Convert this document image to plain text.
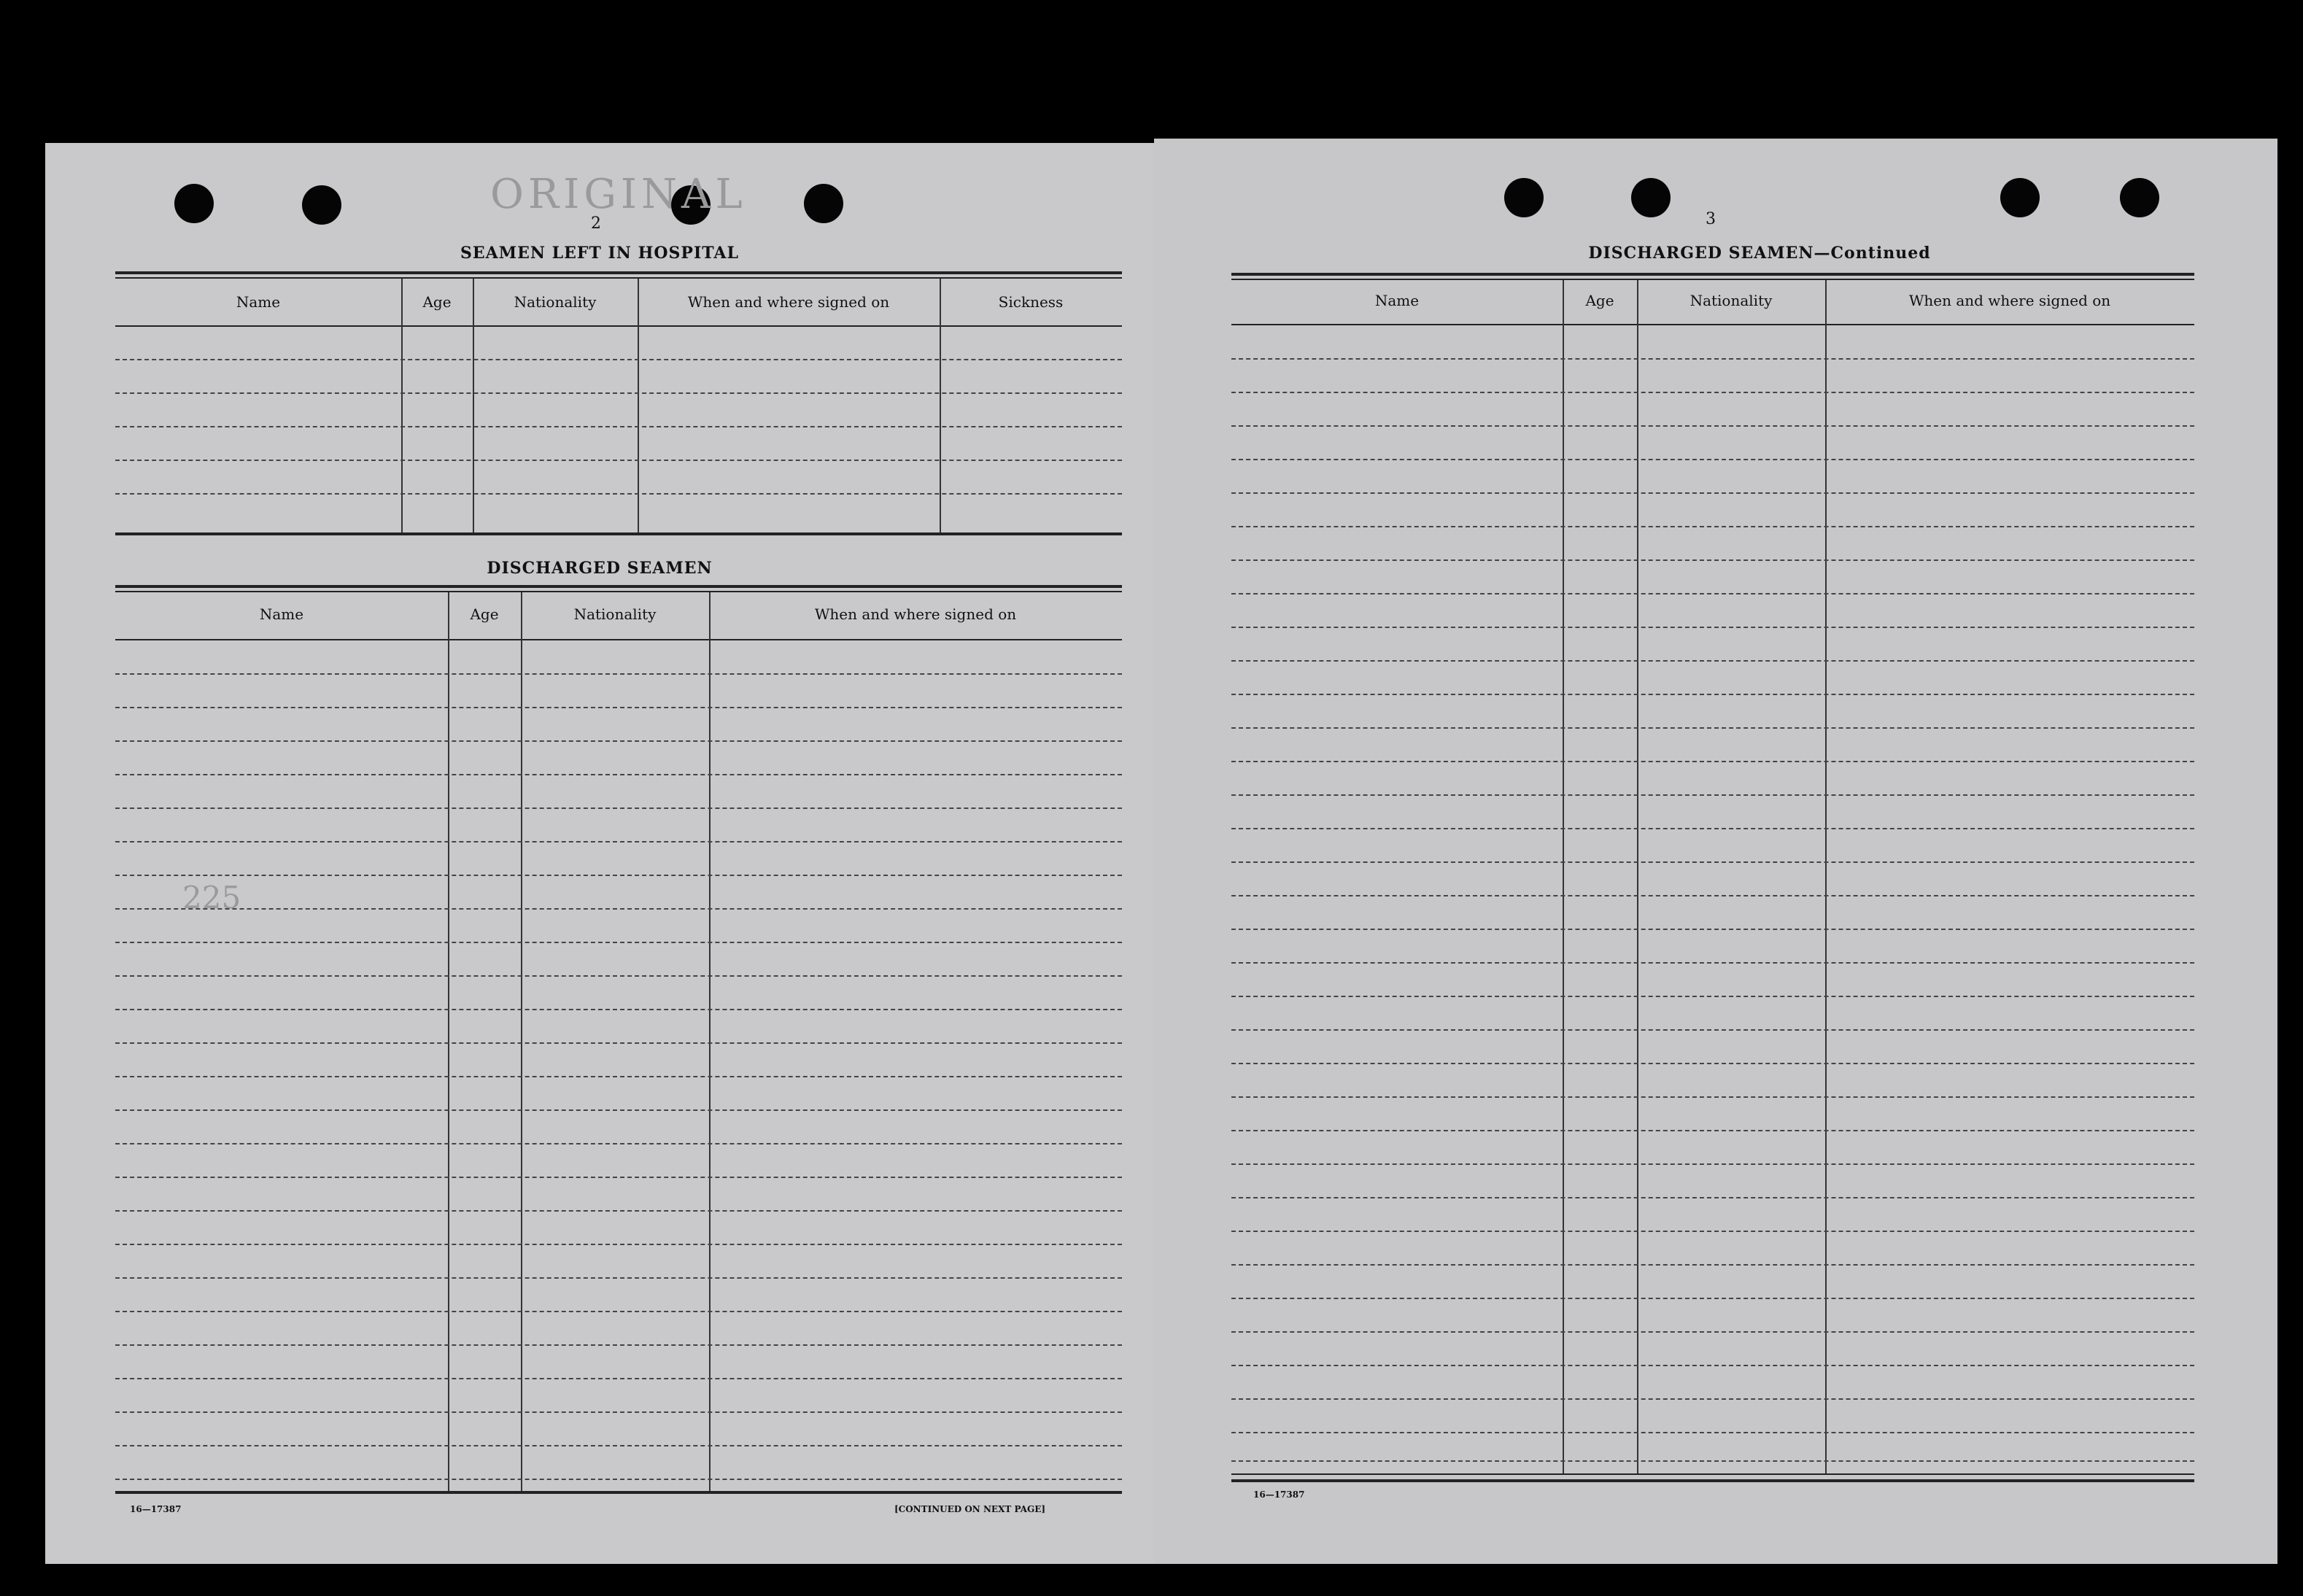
ORIGINAL
225
2
SEAMEN LEFT IN HOSPITAL
Name	Age	Nationality	When and where signed on	Sickness
DISCHARGED SEAMEN
Name	Age	Nationality	When and where signed on
16—17387	[CONTINUED ON NEXT PAGE]
3
DISCHARGED SEAMEN—Continued
Name	Age	Nationality	When and where signed on
16—17387
